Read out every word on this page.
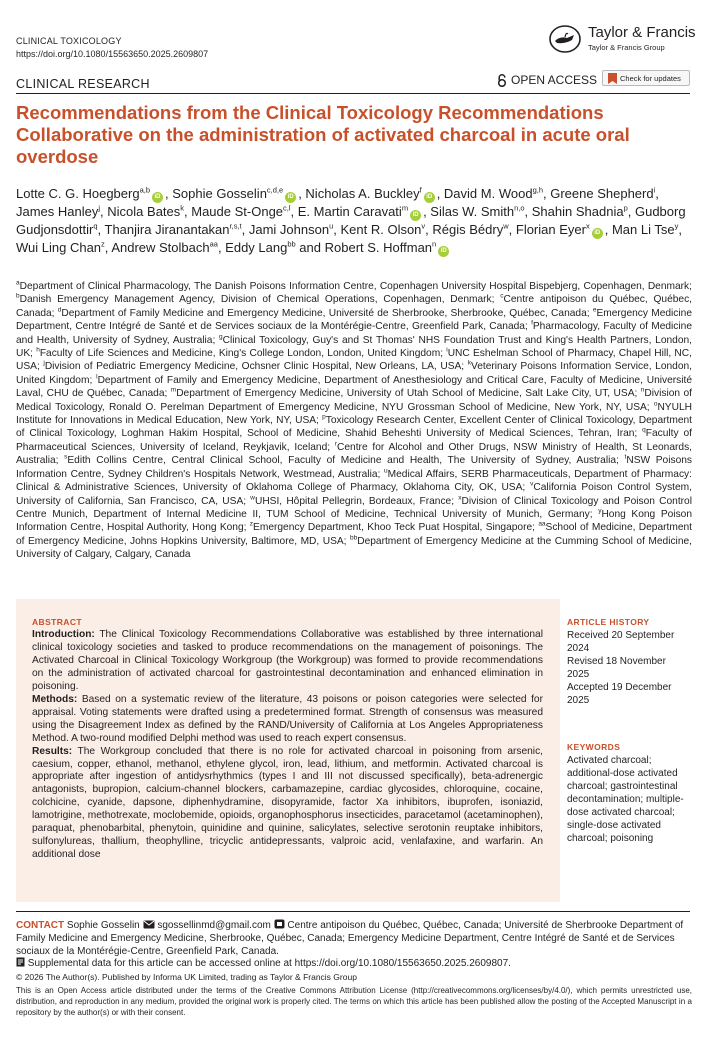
CLINICAL TOXICOLOGY
https://doi.org/10.1080/15563650.2025.2609807
Taylor & Francis
Taylor & Francis Group
CLINICAL RESEARCH	OPEN ACCESS	Check for updates
Recommendations from the Clinical Toxicology Recommendations Collaborative on the administration of activated charcoal in acute oral overdose
Lotte C. G. Hoegberg$^{a,b}$iD , Sophie Gosselin$^{c,d,e}$iD , Nicholas A. Buckley$^f$iD , David M. Wood$^{g,h}$, Greene Shepherd$^i$, James Hanley$^j$, Nicola Bates$^k$, Maude St-Onge$^{c,l}$, E. Martin Caravati$^m$iD , Silas W. Smith$^{n,o}$, Shahin Shadnia$^p$, Gudborg Gudjonsdottir$^q$, Thanjira Jiranantakan$^{r,s,t}$, Jami Johnson$^u$, Kent R. Olson$^v$, Régis Bédry$^w$, Florian Eyer$^x$iD , Man Li Tse$^y$, Wui Ling Chan$^z$, Andrew Stolbach$^{aa}$, Eddy Lang$^{bb}$ and Robert S. Hoffman$^n$iD
$^a$Department of Clinical Pharmacology, The Danish Poisons Information Centre, Copenhagen University Hospital Bispebjerg, Copenhagen, Denmark; $^b$Danish Emergency Management Agency, Division of Chemical Operations, Copenhagen, Denmark; $^c$Centre antipoison du Québec, Québec, Canada; $^d$Department of Family Medicine and Emergency Medicine, Université de Sherbrooke, Sherbrooke, Québec, Canada; $^e$Emergency Medicine Department, Centre Intégré de Santé et de Services sociaux de la Montérégie-Centre, Greenfield Park, Canada; $^f$Pharmacology, Faculty of Medicine and Health, University of Sydney, Australia; $^g$Clinical Toxicology, Guy's and St Thomas' NHS Foundation Trust and King's Health Partners, London, UK; $^h$Faculty of Life Sciences and Medicine, King's College London, London, United Kingdom; $^i$UNC Eshelman School of Pharmacy, Chapel Hill, NC, USA; $^j$Division of Pediatric Emergency Medicine, Ochsner Clinic Hospital, New Orleans, LA, USA; $^k$Veterinary Poisons Information Service, London, United Kingdom; $^l$Department of Family and Emergency Medicine, Department of Anesthesiology and Critical Care, Faculty of Medicine, Université Laval, CHU de Québec, Canada; $^m$Department of Emergency Medicine, University of Utah School of Medicine, Salt Lake City, UT, USA; $^n$Division of Medical Toxicology, Ronald O. Perelman Department of Emergency Medicine, NYU Grossman School of Medicine, New York, NY, USA; $^o$NYULH Institute for Innovations in Medical Education, New York, NY, USA; $^p$Toxicology Research Center, Excellent Center of Clinical Toxicology, Department of Clinical Toxicology, Loghman Hakim Hospital, School of Medicine, Shahid Beheshti University of Medical Sciences, Tehran, Iran; $^q$Faculty of Pharmaceutical Sciences, University of Iceland, Reykjavik, Iceland; $^r$Centre for Alcohol and Other Drugs, NSW Ministry of Health, St Leonards, Australia; $^s$Edith Collins Centre, Central Clinical School, Faculty of Medicine and Health, The University of Sydney, Australia; $^t$NSW Poisons Information Centre, Sydney Children's Hospitals Network, Westmead, Australia; $^u$Medical Affairs, SERB Pharmaceuticals, Department of Pharmacy: Clinical & Administrative Sciences, University of Oklahoma College of Pharmacy, Oklahoma City, OK, USA; $^v$California Poison Control System, University of California, San Francisco, CA, USA; $^w$UHSI, Hôpital Pellegrin, Bordeaux, France; $^x$Division of Clinical Toxicology and Poison Control Centre Munich, Department of Internal Medicine II, TUM School of Medicine, Technical University of Munich, Germany; $^y$Hong Kong Poison Information Centre, Hospital Authority, Hong Kong; $^z$Emergency Department, Khoo Teck Puat Hospital, Singapore; $^{aa}$School of Medicine, Department of Emergency Medicine, Johns Hopkins University, Baltimore, MD, USA; $^{bb}$Department of Emergency Medicine at the Cumming School of Medicine, University of Calgary, Calgary, Canada
ABSTRACT

Introduction: The Clinical Toxicology Recommendations Collaborative was established by three international clinical toxicology societies and tasked to produce recommendations on the management of poisonings. The Activated Charcoal in Clinical Toxicology Workgroup (the Workgroup) was formed to provide recommendations on the administration of activated charcoal for gastrointestinal decontamination and enhanced elimination in poisoning.

Methods: Based on a systematic review of the literature, 43 poisons or poison categories were selected for appraisal. Voting statements were drafted using a predetermined format. Strength of consensus was measured using the Disagreement Index as defined by the RAND/University of California at Los Angeles Appropriateness Method. A two-round modified Delphi method was used to reach expert consensus.

Results: The Workgroup concluded that there is no role for activated charcoal in poisoning from arsenic, caesium, copper, ethanol, methanol, ethylene glycol, iron, lead, lithium, and metformin. Activated charcoal is appropriate after ingestion of antidysrhythmics (types I and III not discussed specifically), beta-adrenergic antagonists, bupropion, calcium-channel blockers, carbamazepine, cardiac glycosides, chloroquine, cocaine, colchicine, cyanide, dapsone, diphenhydramine, disopyramide, factor Xa inhibitors, ibuprofen, isoniazid, lamotrigine, methotrexate, moclobemide, opioids, organophosphorus insecticides, paracetamol (acetaminophen), paraquat, phenobarbital, phenytoin, quinidine and quinine, salicylates, selective serotonin reuptake inhibitors, sulfonylureas, thallium, theophylline, tricyclic antidepressants, valproic acid, venlafaxine, and warfarin. An additional dose

ARTICLE HISTORY
Received 20 September 2024
Revised 18 November 2025
Accepted 19 December 2025
KEYWORDS
Activated charcoal; additional-dose activated charcoal; gastrointestinal decontamination; multiple-dose activated charcoal; single-dose activated charcoal; poisoning
CONTACT Sophie Gosselin sgossellinmd@gmail.com Centre antipoison du Québec, Québec, Canada; Université de Sherbrooke Department of Family Medicine and Emergency Medicine, Sherbrooke, Québec, Canada; Emergency Medicine Department, Centre Intégré de Santé et de Services sociaux de la Montérégie-Centre, Greenfield Park, Canada.
Supplemental data for this article can be accessed online at https://doi.org/10.1080/15563650.2025.2609807.
© 2026 The Author(s). Published by Informa UK Limited, trading as Taylor & Francis Group
This is an Open Access article distributed under the terms of the Creative Commons Attribution License (http://creativecommons.org/licenses/by/4.0/), which permits unrestricted use, distribution, and reproduction in any medium, provided the original work is properly cited. The terms on which this article has been published allow the posting of the Accepted Manuscript in a repository by the author(s) or with their consent.
